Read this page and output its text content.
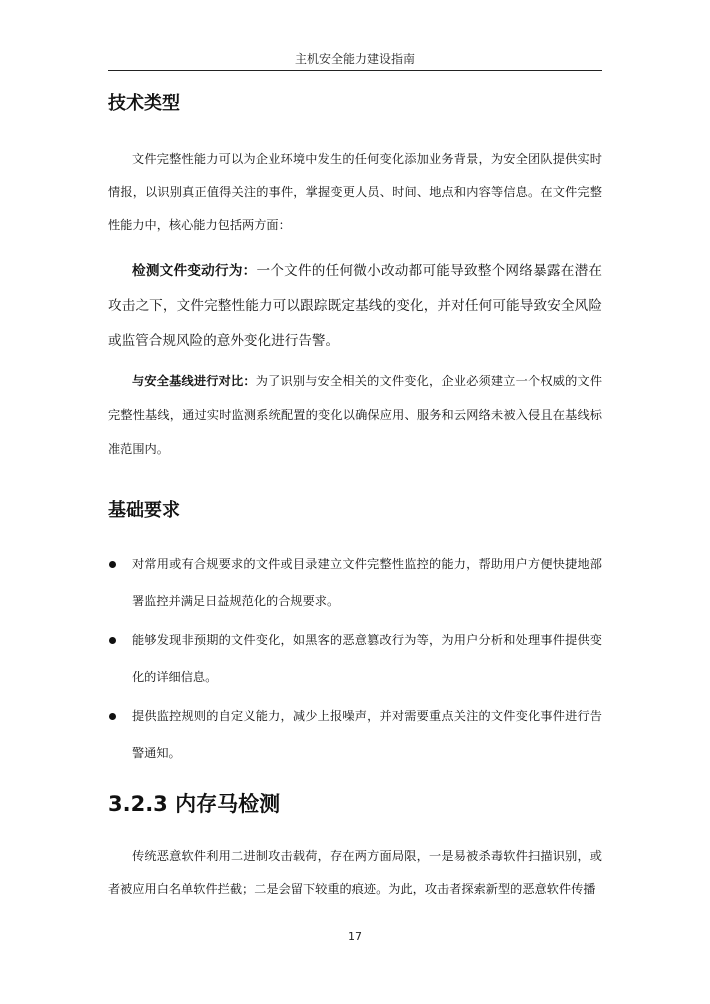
主机安全能力建设指南
技术类型

文件完整性能力可以为企业环境中发生的任何变化添加业务背景，为安全团队提供实时情报，以识别真正值得关注的事件，掌握变更人员、时间、地点和内容等信息。在文件完整性能力中，核心能力包括两方面：

检测文件变动行为：一个文件的任何微小改动都可能导致整个网络暴露在潜在攻击之下，文件完整性能力可以跟踪既定基线的变化，并对任何可能导致安全风险或监管合规风险的意外变化进行告警。

与安全基线进行对比：为了识别与安全相关的文件变化，企业必须建立一个权威的文件完整性基线，通过实时监测系统配置的变化以确保应用、服务和云网络未被入侵且在基线标准范围内。

基础要求
对常用或有合规要求的文件或目录建立文件完整性监控的能力，帮助用户方便快捷地部署监控并满足日益规范化的合规要求。
能够发现非预期的文件变化，如黑客的恶意篡改行为等，为用户分析和处理事件提供变化的详细信息。
提供监控规则的自定义能力，减少上报噪声，并对需要重点关注的文件变化事件进行告警通知。
3.2.3 内存马检测

传统恶意软件利用二进制攻击载荷，存在两方面局限，一是易被杀毒软件扫描识别，或者被应用白名单软件拦截；二是会留下较重的痕迹。为此，攻击者探索新型的恶意软件传播

17
